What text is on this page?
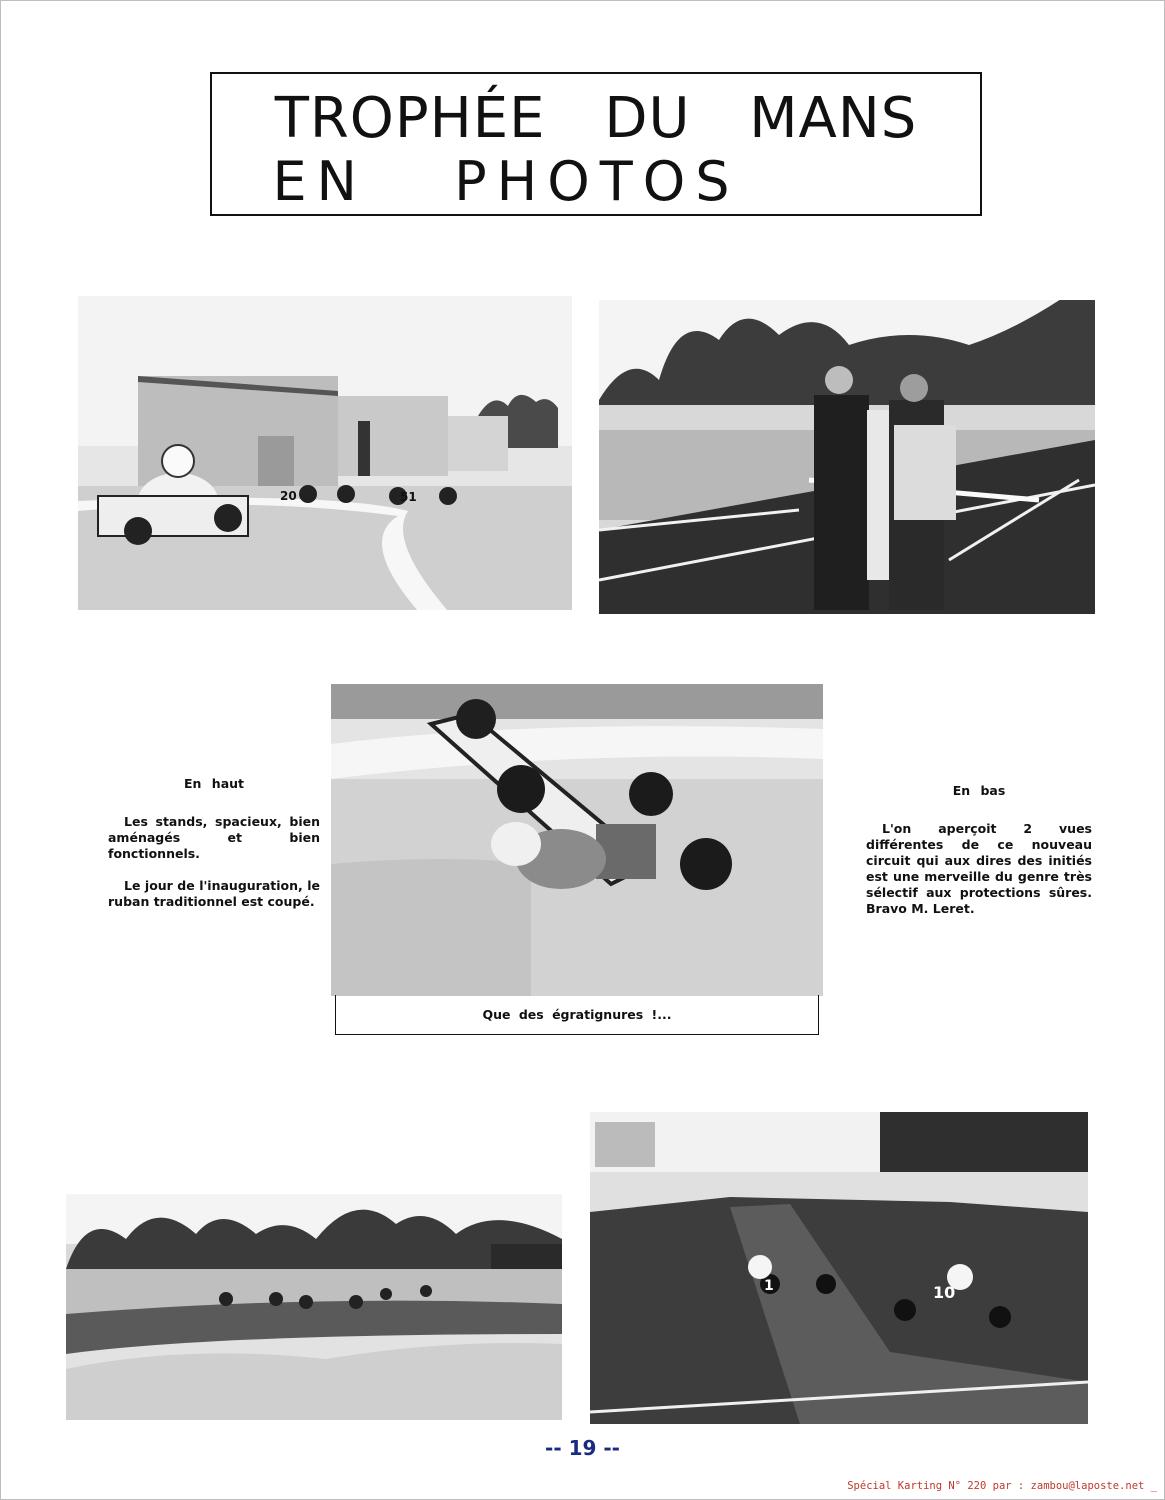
TROPHÉE DU MANS
EN PHOTOS
20	51
1	10
En haut

Les stands, spacieux, bien aménagés et bien fonctionnels.

Le jour de l'inauguration, le ruban traditionnel est coupé.

En bas

L'on aperçoit 2 vues différentes de ce nouveau circuit qui aux dires des initiés est une merveille du genre très sélectif aux protections sûres. Bravo M. Leret.

Que des égratignures !...
-- 19 --
Spécial Karting N° 220 par : zambou@laposte.net _
